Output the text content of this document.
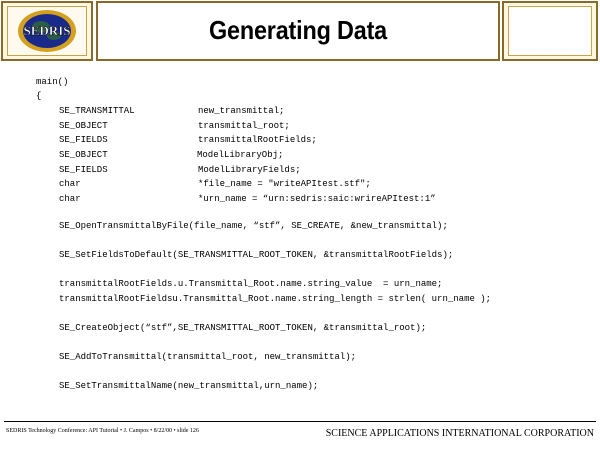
SEDRIS	Generating Data
main()
{
SE_TRANSMITTAL	new_transmittal;
SE_OBJECT	transmittal_root;
SE_FIELDS	transmittalRootFields;
SE_OBJECT	ModelLibraryObj;
SE_FIELDS	ModelLibraryFields;
char	*file_name = "writeAPItest.stf";
char	*urn_name = “urn:sedris:saic:wrireAPItest:1”
SE_OpenTransmittalByFile(file_name, “stf”, SE_CREATE, &new_transmittal);
SE_SetFieldsToDefault(SE_TRANSMITTAL_ROOT_TOKEN, &transmittalRootFields);
transmittalRootFields.u.Transmittal_Root.name.string_value  = urn_name;
transmittalRootFieldsu.Transmittal_Root.name.string_length = strlen( urn_name );
SE_CreateObject(“stf”,SE_TRANSMITTAL_ROOT_TOKEN, &transmittal_root);
SE_AddToTransmittal(transmittal_root, new_transmittal);
SE_SetTransmittalName(new_transmittal,urn_name);
SEDRIS Technology Conference: API Tutorial • J. Campos • 8/22/00 • slide 126	SCIENCE APPLICATIONS INTERNATIONAL CORPORATION
